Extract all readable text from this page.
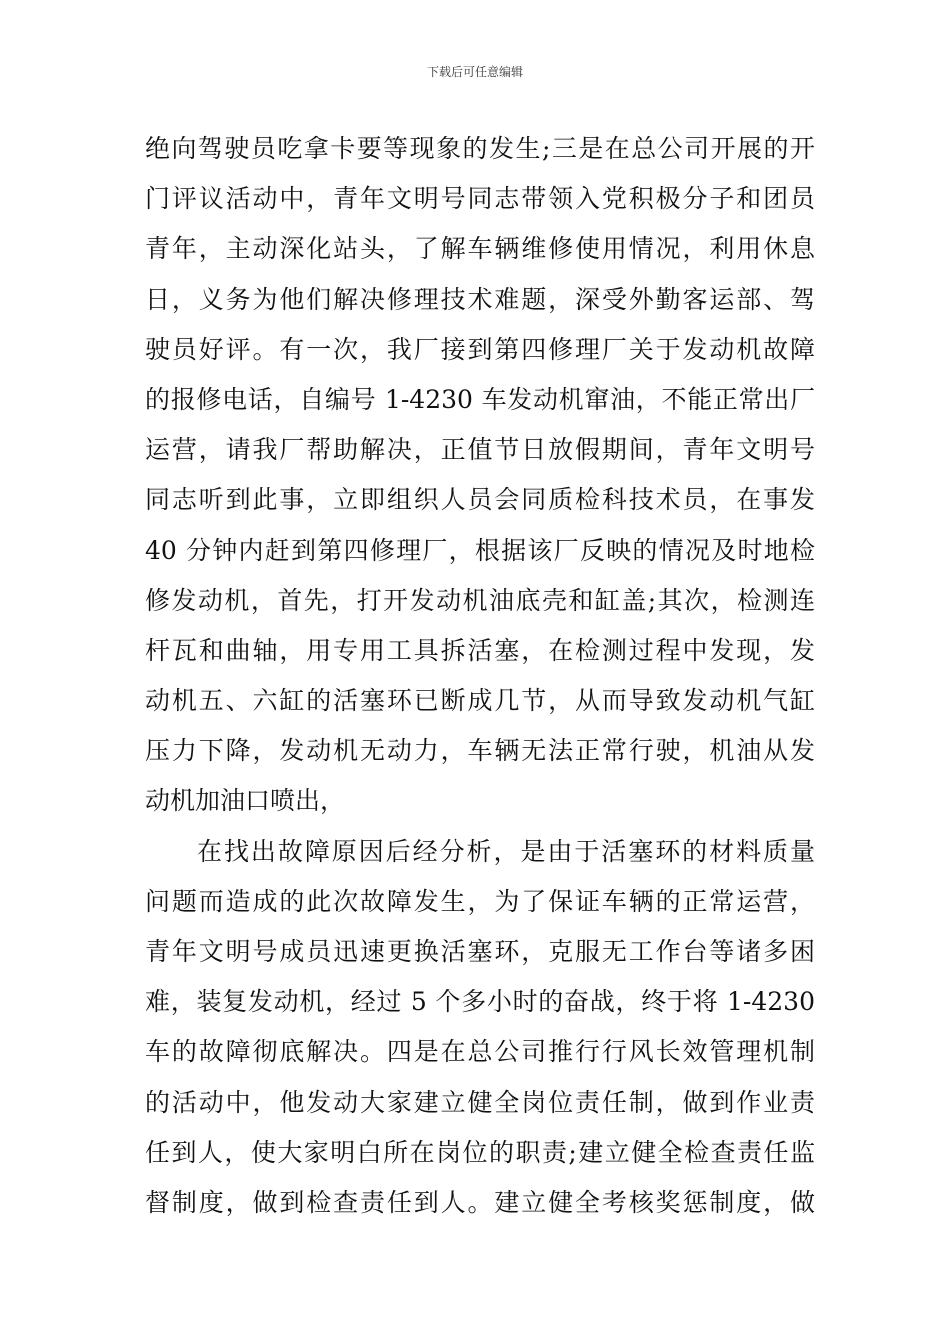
下载后可任意编辑
绝向驾驶员吃拿卡要等现象的发生;三是在总公司开展的开
门评议活动中，青年文明号同志带领入党积极分子和团员
青年，主动深化站头，了解车辆维修使用情况，利用休息
日，义务为他们解决修理技术难题，深受外勤客运部、驾
驶员好评。有一次，我厂接到第四修理厂关于发动机故障
的报修电话，自编号 1-4230 车发动机窜油，不能正常出厂
运营，请我厂帮助解决，正值节日放假期间，青年文明号
同志听到此事，立即组织人员会同质检科技术员，在事发
40 分钟内赶到第四修理厂，根据该厂反映的情况及时地检
修发动机，首先，打开发动机油底壳和缸盖;其次，检测连
杆瓦和曲轴，用专用工具拆活塞，在检测过程中发现，发
动机五、六缸的活塞环已断成几节，从而导致发动机气缸
压力下降，发动机无动力，车辆无法正常行驶，机油从发
动机加油口喷出，
在找出故障原因后经分析，是由于活塞环的材料质量
问题而造成的此次故障发生，为了保证车辆的正常运营，
青年文明号成员迅速更换活塞环，克服无工作台等诸多困
难，装复发动机，经过 5 个多小时的奋战，终于将 1-4230
车的故障彻底解决。四是在总公司推行行风长效管理机制
的活动中，他发动大家建立健全岗位责任制，做到作业责
任到人，使大家明白所在岗位的职责;建立健全检查责任监
督制度，做到检查责任到人。建立健全考核奖惩制度，做
